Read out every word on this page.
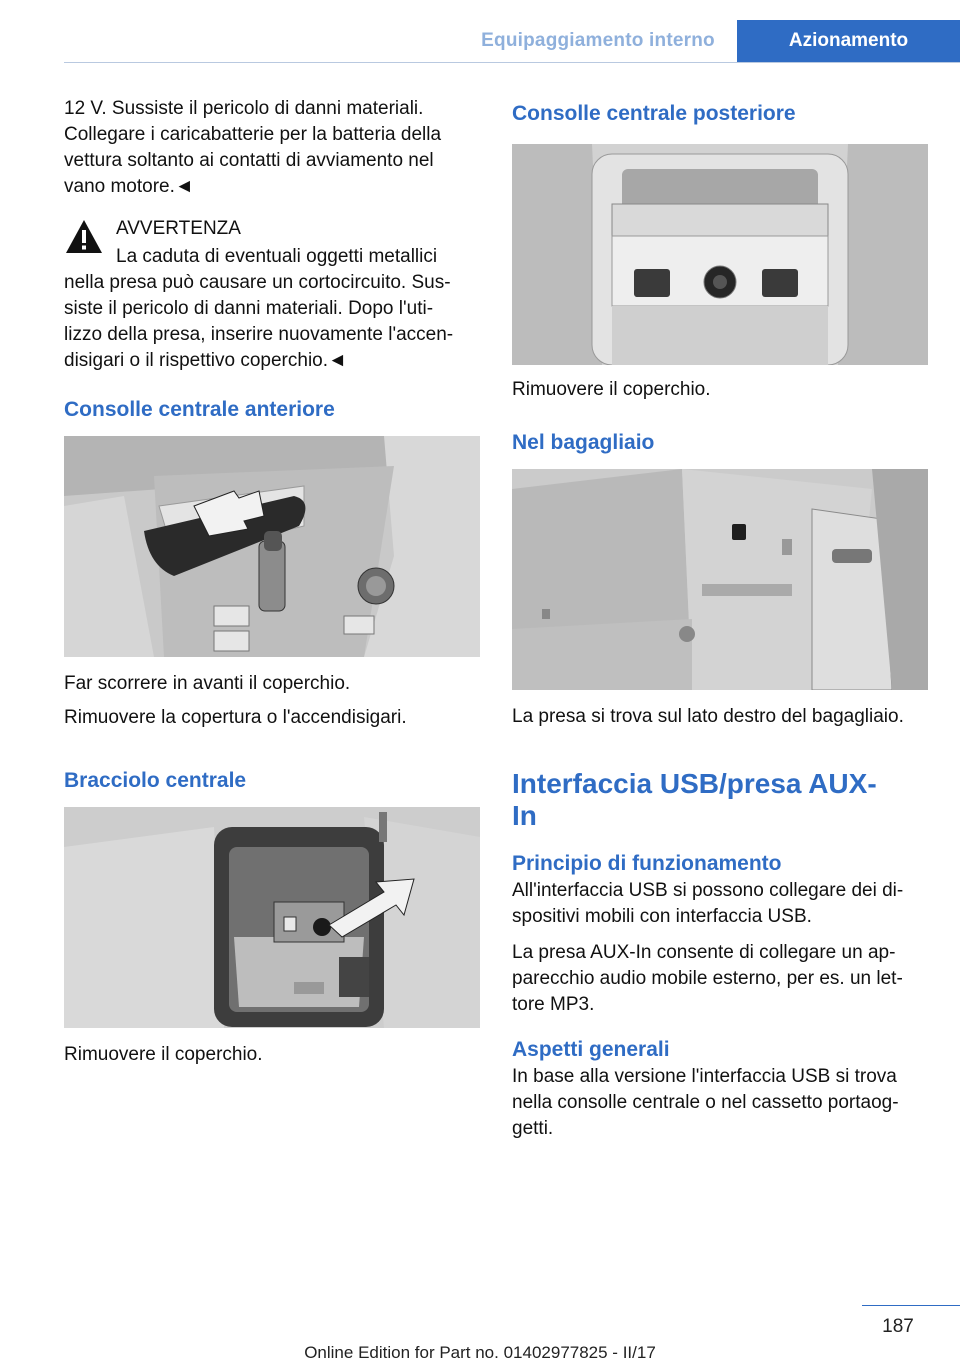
Equipaggiamento interno	Azionamento

12 V. Sussiste il pericolo di danni materiali.

Collegare i caricabatterie per la batteria della

vettura soltanto ai contatti di avviamento nel

vano motore.◄

AVVERTENZA

La caduta di eventuali oggetti metallici

nella presa può causare un cortocircuito. Sus‐

siste il pericolo di danni materiali. Dopo l'uti‐

lizzo della presa, inserire nuovamente l'accen‐

disigari o il rispettivo coperchio.◄

Consolle centrale anteriore

Far scorrere in avanti il coperchio.

Rimuovere la copertura o l'accendisigari.

Bracciolo centrale

Rimuovere il coperchio.

Consolle centrale posteriore

Rimuovere il coperchio.

Nel bagagliaio

La presa si trova sul lato destro del bagagliaio.

Interfaccia USB/presa AUX-
In
Principio di funzionamento

All'interfaccia USB si possono collegare dei di‐

spositivi mobili con interfaccia USB.

La presa AUX-In consente di collegare un ap‐

parecchio audio mobile esterno, per es. un let‐

tore MP3.

Aspetti generali

In base alla versione l'interfaccia USB si trova

nella consolle centrale o nel cassetto portaog‐

getti.

187
Online Edition for Part no. 01402977825 - II/17
